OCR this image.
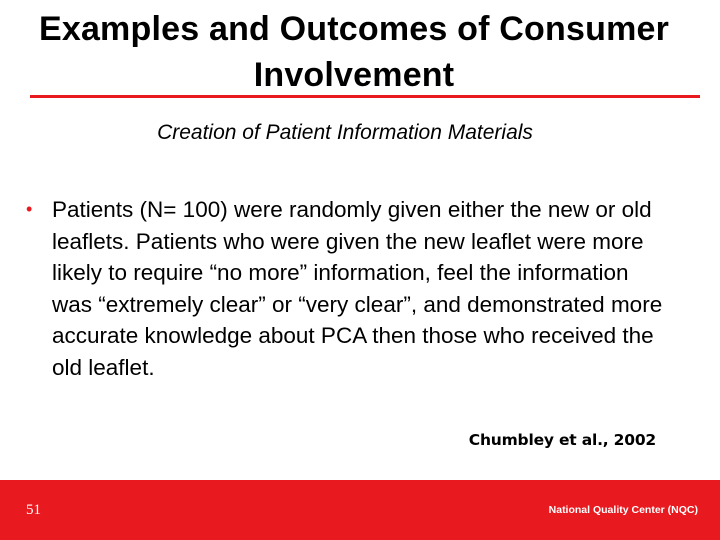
Examples and Outcomes of Consumer Involvement
Creation of Patient Information Materials
• Patients (N= 100) were randomly given either the new or old leaflets. Patients who were given the new leaflet were more likely to require “no more” information, feel the information was “extremely clear” or “very clear”, and demonstrated more accurate knowledge about PCA then those who received the old leaflet.
Chumbley et al., 2002
51	National Quality Center (NQC)
